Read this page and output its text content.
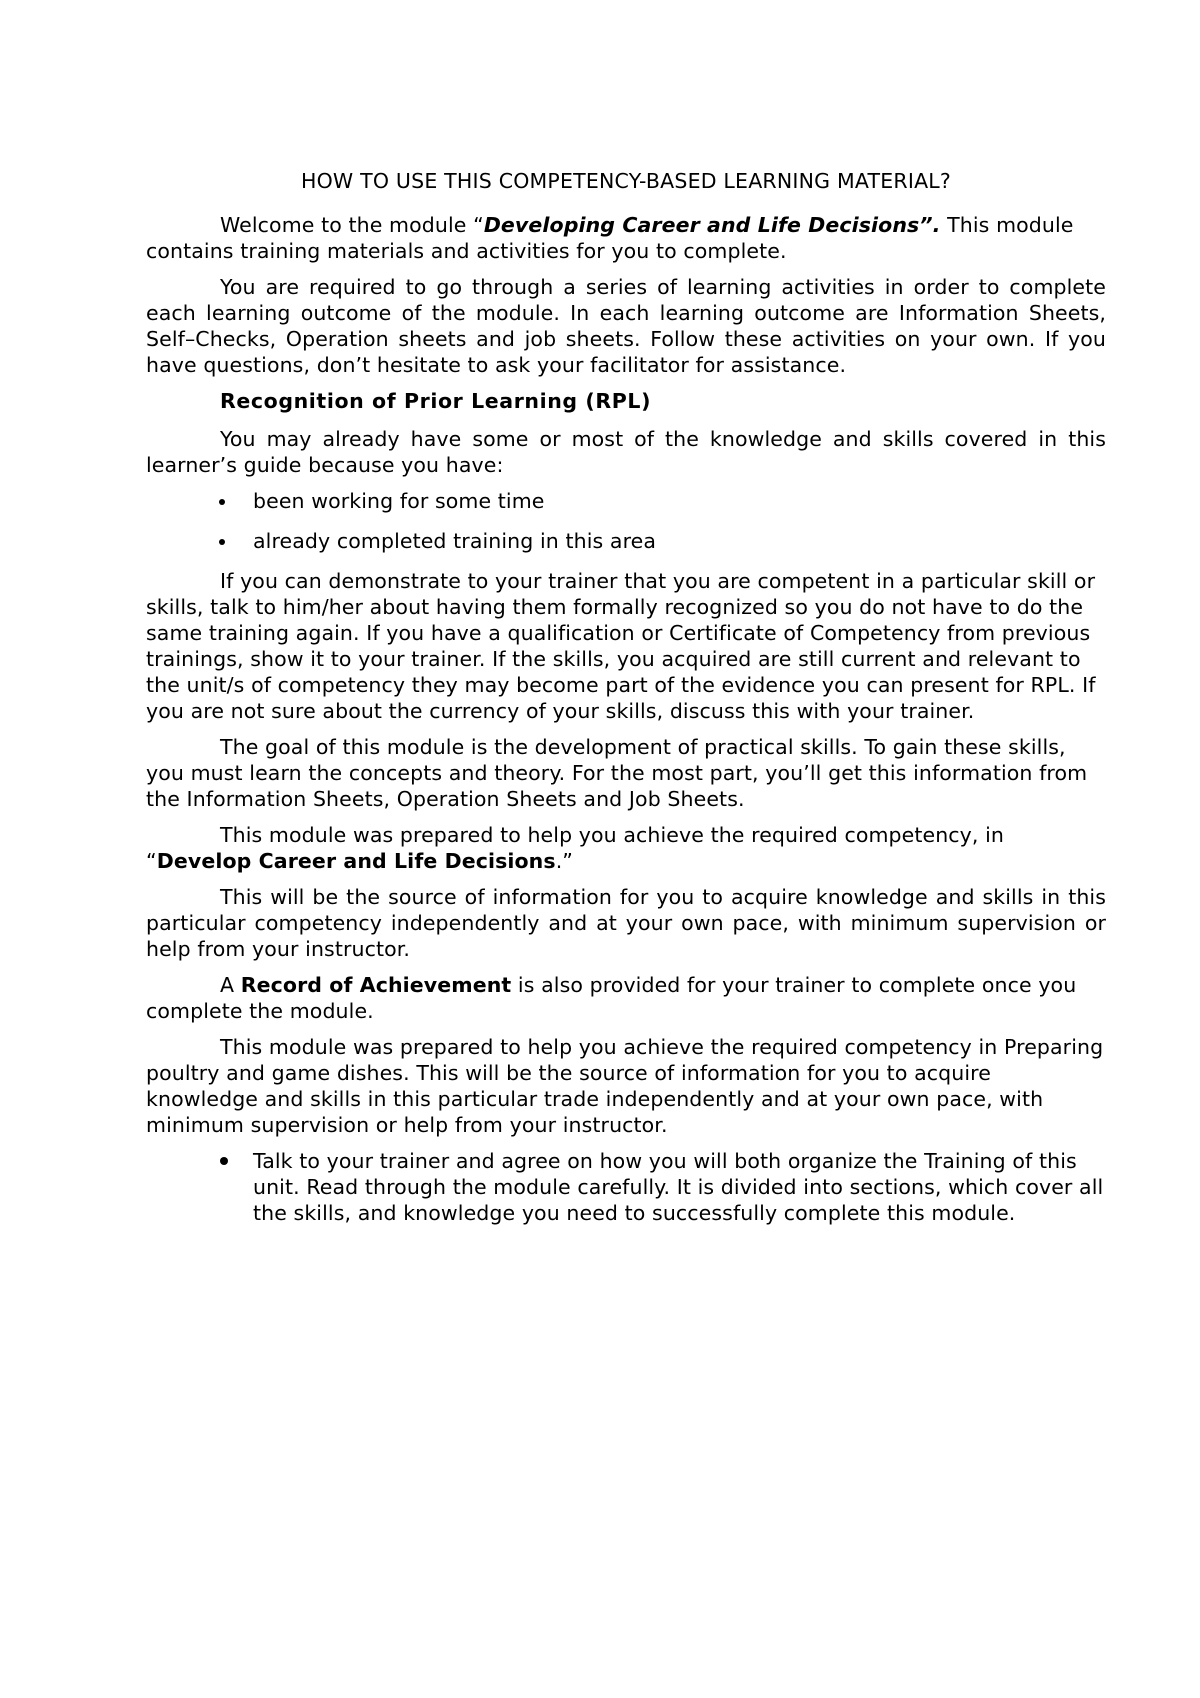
HOW TO USE THIS COMPETENCY-BASED LEARNING MATERIAL?

Welcome to the module “Developing Career and Life Decisions”. This module contains training materials and activities for you to complete.

You are required to go through a series of learning activities in order to complete each learning outcome of the module. In each learning outcome are Information Sheets, Self–Checks, Operation sheets and job sheets. Follow these activities on your own. If you have questions, don’t hesitate to ask your facilitator for assistance.

Recognition of Prior Learning (RPL)

You may already have some or most of the knowledge and skills covered in this learner’s guide because you have:

been working for some time
already completed training in this area

If you can demonstrate to your trainer that you are competent in a particular skill or skills, talk to him/her about having them formally recognized so you do not have to do the same training again. If you have a qualification or Certificate of Competency from previous trainings, show it to your trainer. If the skills, you acquired are still current and relevant to the unit/s of competency they may become part of the evidence you can present for RPL. If you are not sure about the currency of your skills, discuss this with your trainer.

The goal of this module is the development of practical skills. To gain these skills, you must learn the concepts and theory. For the most part, you’ll get this information from the Information Sheets, Operation Sheets and Job Sheets.

This module was prepared to help you achieve the required competency, in “Develop Career and Life Decisions.”

This will be the source of information for you to acquire knowledge and skills in this particular competency independently and at your own pace, with minimum supervision or help from your instructor.

A Record of Achievement is also provided for your trainer to complete once you complete the module.

This module was prepared to help you achieve the required competency in Preparing poultry and game dishes. This will be the source of information for you to acquire knowledge and skills in this particular trade independently and at your own pace, with minimum supervision or help from your instructor.

Talk to your trainer and agree on how you will both organize the Training of this unit. Read through the module carefully. It is divided into sections, which cover all the skills, and knowledge you need to successfully complete this module.
